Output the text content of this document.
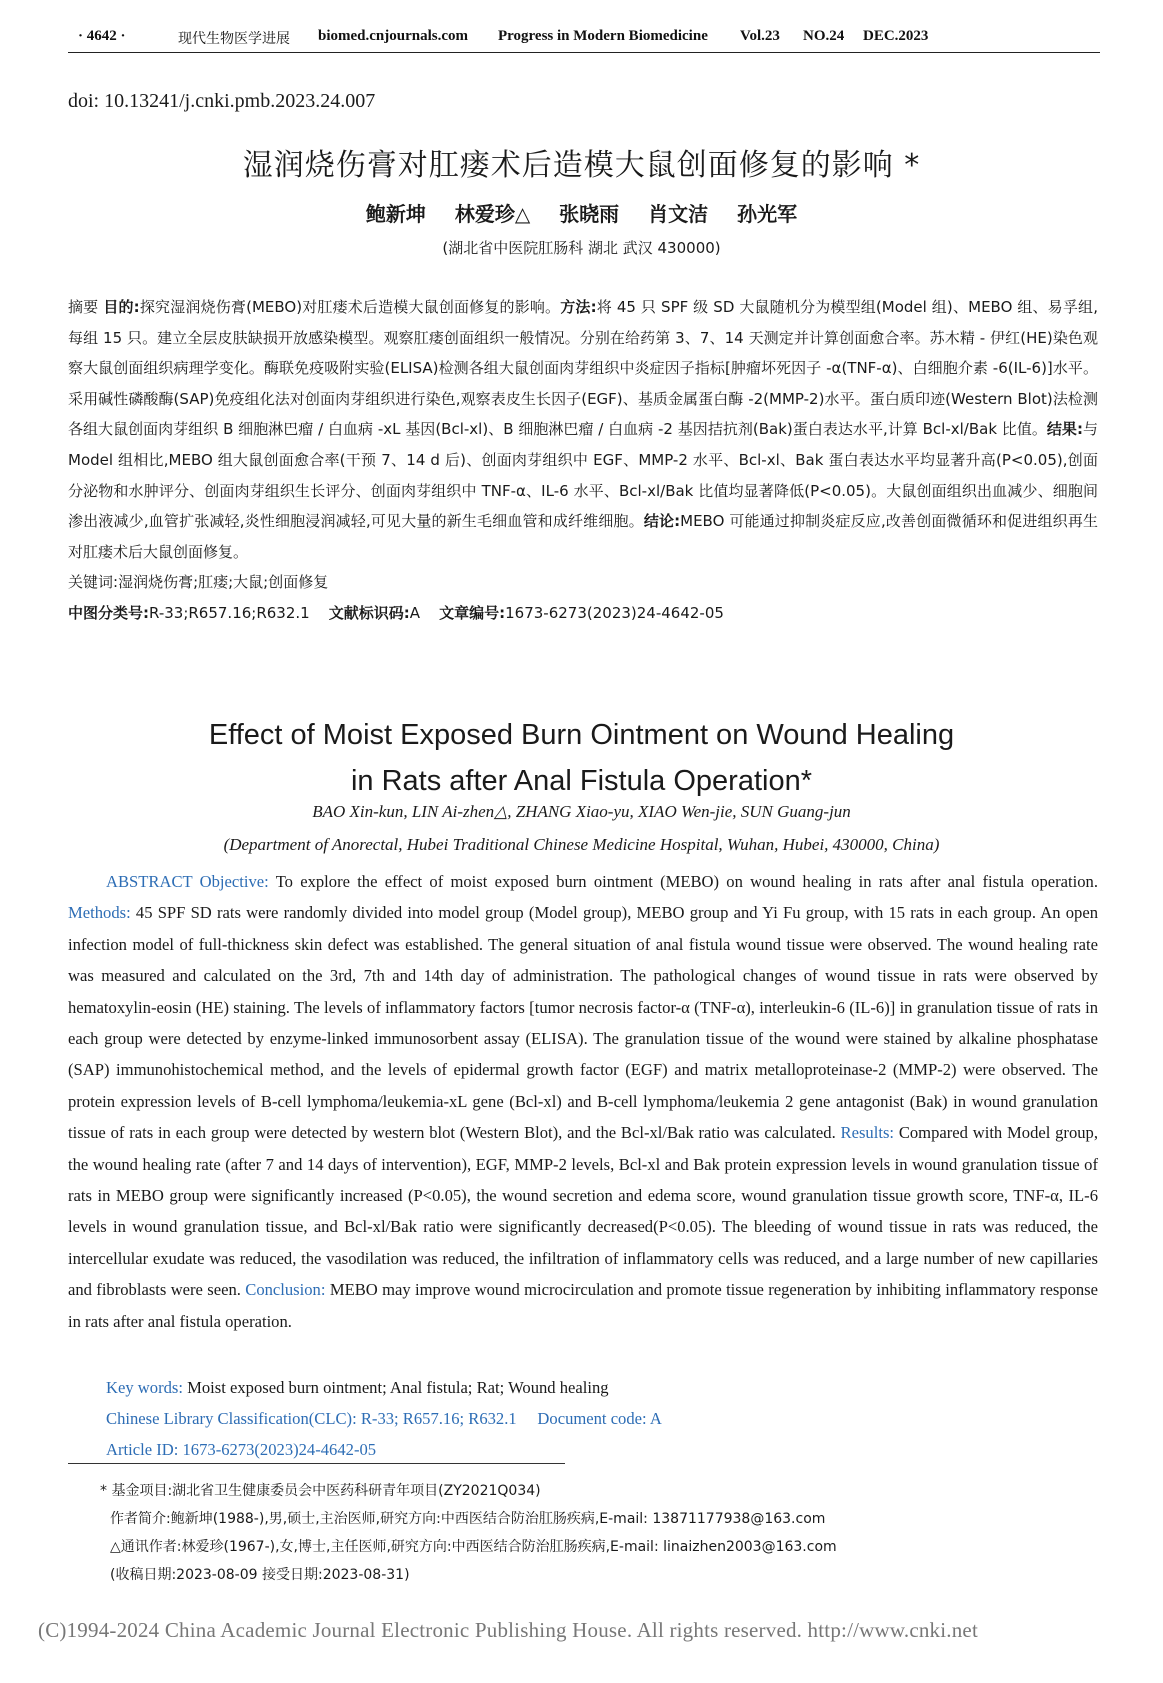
· 4642 ·	现代生物医学进展 biomed.cnjournals.com Progress in Modern Biomedicine Vol.23 NO.24 DEC.2023
doi: 10.13241/j.cnki.pmb.2023.24.007
湿润烧伤膏对肛瘘术后造模大鼠创面修复的影响 *
鲍新坤 林爱珍△ 张晓雨 肖文洁 孙光军
(湖北省中医院肛肠科 湖北 武汉 430000)

摘要 目的:探究湿润烧伤膏(MEBO)对肛瘘术后造模大鼠创面修复的影响。方法:将 45 只 SPF 级 SD 大鼠随机分为模型组(Model 组)、MEBO 组、易孚组,每组 15 只。建立全层皮肤缺损开放感染模型。观察肛瘘创面组织一般情况。分别在给药第 3、7、14 天测定并计算创面愈合率。苏木精 - 伊红(HE)染色观察大鼠创面组织病理学变化。酶联免疫吸附实验(ELISA)检测各组大鼠创面肉芽组织中炎症因子指标[肿瘤坏死因子 -α(TNF-α)、白细胞介素 -6(IL-6)]水平。采用碱性磷酸酶(SAP)免疫组化法对创面肉芽组织进行染色,观察表皮生长因子(EGF)、基质金属蛋白酶 -2(MMP-2)水平。蛋白质印迹(Western Blot)法检测各组大鼠创面肉芽组织 B 细胞淋巴瘤 / 白血病 -xL 基因(Bcl-xl)、B 细胞淋巴瘤 / 白血病 -2 基因拮抗剂(Bak)蛋白表达水平,计算 Bcl-xl/Bak 比值。结果:与 Model 组相比,MEBO 组大鼠创面愈合率(干预 7、14 d 后)、创面肉芽组织中 EGF、MMP-2 水平、Bcl-xl、Bak 蛋白表达水平均显著升高(P<0.05),创面分泌物和水肿评分、创面肉芽组织生长评分、创面肉芽组织中 TNF-α、IL-6 水平、Bcl-xl/Bak 比值均显著降低(P<0.05)。大鼠创面组织出血减少、细胞间渗出液减少,血管扩张减轻,炎性细胞浸润减轻,可见大量的新生毛细血管和成纤维细胞。结论:MEBO 可能通过抑制炎症反应,改善创面微循环和促进组织再生对肛瘘术后大鼠创面修复。

关键词:湿润烧伤膏;肛瘘;大鼠;创面修复

中图分类号:R-33;R657.16;R632.1 文献标识码:A 文章编号:1673-6273(2023)24-4642-05

Effect of Moist Exposed Burn Ointment on Wound Healing
in Rats after Anal Fistula Operation*
BAO Xin-kun, LIN Ai-zhen△, ZHANG Xiao-yu, XIAO Wen-jie, SUN Guang-jun
(Department of Anorectal, Hubei Traditional Chinese Medicine Hospital, Wuhan, Hubei, 430000, China)

ABSTRACT Objective: To explore the effect of moist exposed burn ointment (MEBO) on wound healing in rats after anal fistula operation. Methods: 45 SPF SD rats were randomly divided into model group (Model group), MEBO group and Yi Fu group, with 15 rats in each group. An open infection model of full-thickness skin defect was established. The general situation of anal fistula wound tissue were observed. The wound healing rate was measured and calculated on the 3rd, 7th and 14th day of administration. The pathological changes of wound tissue in rats were observed by hematoxylin-eosin (HE) staining. The levels of inflammatory factors [tumor necrosis factor-α (TNF-α), interleukin-6 (IL-6)] in granulation tissue of rats in each group were detected by enzyme-linked immunosorbent assay (ELISA). The granulation tissue of the wound were stained by alkaline phosphatase (SAP) immunohistochemical method, and the levels of epidermal growth factor (EGF) and matrix metalloproteinase-2 (MMP-2) were observed. The protein expression levels of B-cell lymphoma/leukemia-xL gene (Bcl-xl) and B-cell lymphoma/leukemia 2 gene antagonist (Bak) in wound granulation tissue of rats in each group were detected by western blot (Western Blot), and the Bcl-xl/Bak ratio was calculated. Results: Compared with Model group, the wound healing rate (after 7 and 14 days of intervention), EGF, MMP-2 levels, Bcl-xl and Bak protein expression levels in wound granulation tissue of rats in MEBO group were significantly increased (P<0.05), the wound secretion and edema score, wound granulation tissue growth score, TNF-α, IL-6 levels in wound granulation tissue, and Bcl-xl/Bak ratio were significantly decreased(P<0.05). The bleeding of wound tissue in rats was reduced, the intercellular exudate was reduced, the vasodilation was reduced, the infiltration of inflammatory cells was reduced, and a large number of new capillaries and fibroblasts were seen. Conclusion: MEBO may improve wound microcirculation and promote tissue regeneration by inhibiting inflammatory response in rats after anal fistula operation.

Key words: Moist exposed burn ointment; Anal fistula; Rat; Wound healing
Chinese Library Classification(CLC): R-33; R657.16; R632.1 Document code: A
Article ID: 1673-6273(2023)24-4642-05
* 基金项目:湖北省卫生健康委员会中医药科研青年项目(ZY2021Q034)
作者简介:鲍新坤(1988-),男,硕士,主治医师,研究方向:中西医结合防治肛肠疾病,E-mail: 13871177938@163.com
△通讯作者:林爱珍(1967-),女,博士,主任医师,研究方向:中西医结合防治肛肠疾病,E-mail: linaizhen2003@163.com
(收稿日期:2023-08-09 接受日期:2023-08-31)
(C)1994-2024 China Academic Journal Electronic Publishing House. All rights reserved. http://www.cnki.net
